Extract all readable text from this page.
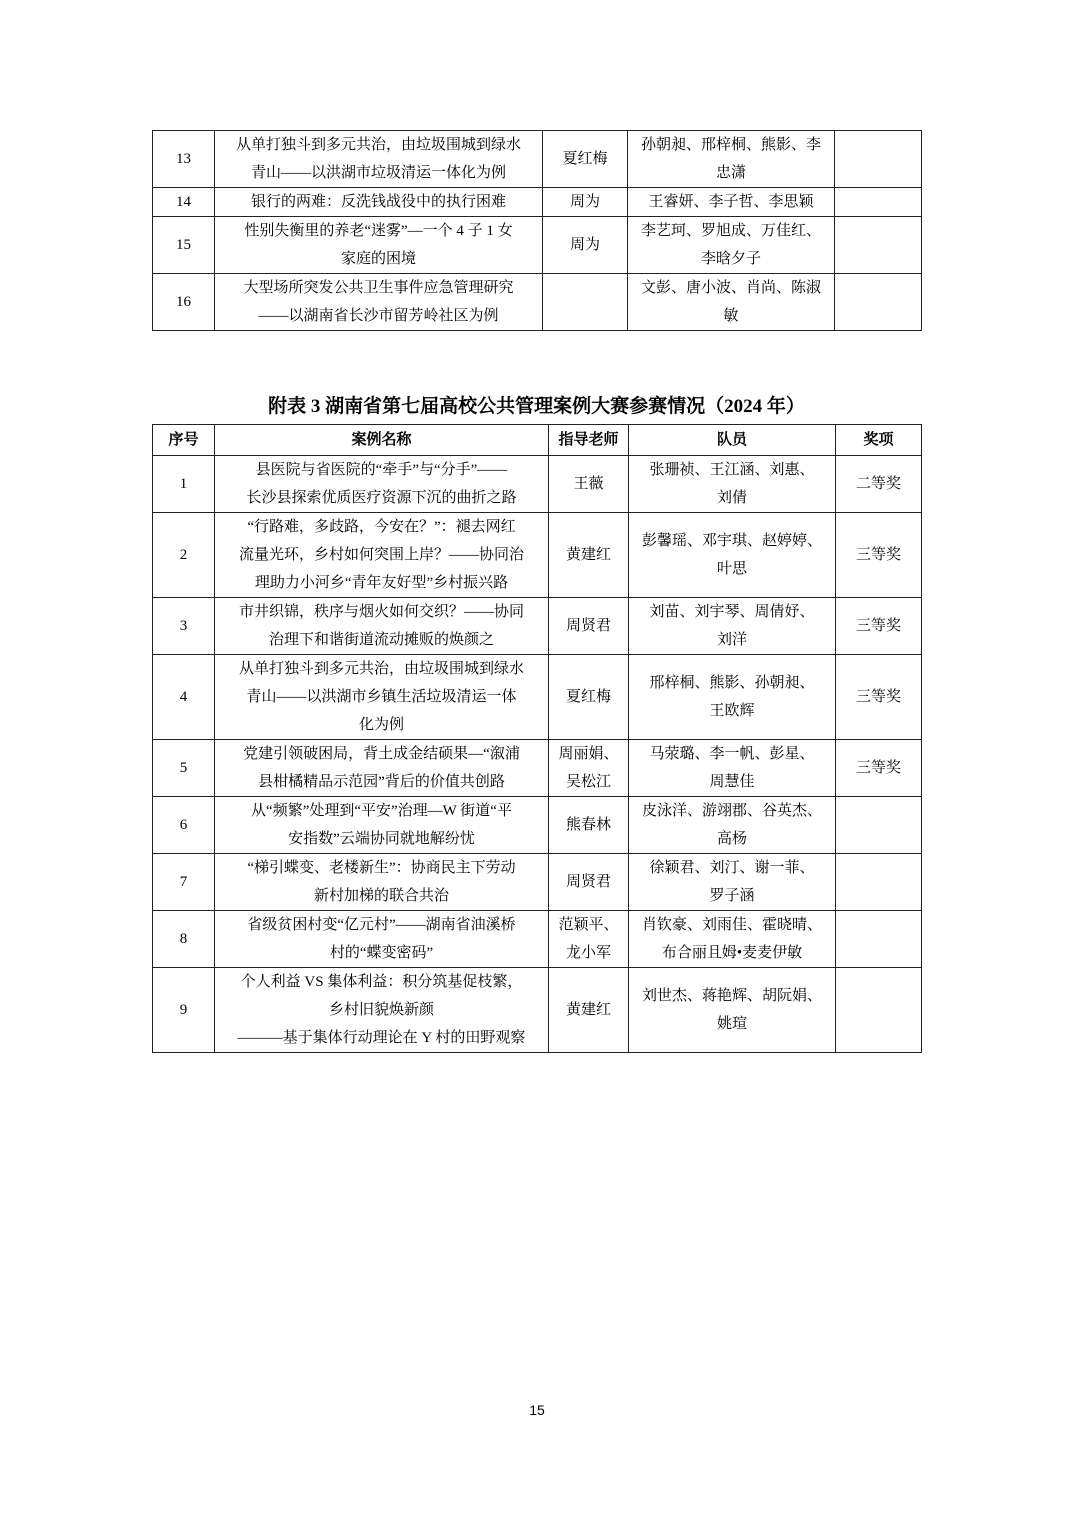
13	从单打独斗到多元共治，由垃圾围城到绿水
青山——以洪湖市垃圾清运一体化为例	夏红梅	孙朝昶、邢梓桐、熊影、李
忠潇	

14	银行的两难：反洗钱战役中的执行困难	周为	王睿妍、李子哲、李思颖	

15	性别失衡里的养老“迷雾”—一个 4 子 1 女
家庭的困境	周为	李艺珂、罗旭成、万佳红、
李晗夕子	

16	大型场所突发公共卫生事件应急管理研究
——以湖南省长沙市留芳岭社区为例		文彭、唐小波、肖尚、陈淑
敏	

附表 3 湖南省第七届高校公共管理案例大赛参赛情况（2024 年）
序号	案例名称	指导老师	队员	奖项
1	县医院与省医院的“牵手”与“分手”——
长沙县探索优质医疗资源下沉的曲折之路	王薇	张珊祯、王江涵、刘惠、
刘倩	二等奖

2	“行路难，多歧路，今安在？”：褪去网红
流量光环，乡村如何突围上岸？——协同治
理助力小河乡“青年友好型”乡村振兴路	黄建红	彭馨瑶、邓宇琪、赵婷婷、
叶思	三等奖

3	市井织锦，秩序与烟火如何交织？——协同
治理下和谐街道流动摊贩的焕颜之	周贤君	刘苗、刘宇琴、周倩妤、
刘洋	三等奖

4	从单打独斗到多元共治，由垃圾围城到绿水
青山——以洪湖市乡镇生活垃圾清运一体
化为例	夏红梅	邢梓桐、熊影、孙朝昶、
王欧辉	三等奖

5	党建引领破困局，背土成金结硕果—“溆浦
县柑橘精品示范园”背后的价值共创路	周丽娟、
吴松江	马荥璐、李一帆、彭星、
周慧佳	三等奖

6	从“频繁”处理到“平安”治理—W 街道“平
安指数”云端协同就地解纷忧	熊春林	皮泳洋、游翊郡、谷英杰、
高杨	

7	“梯引蝶变、老楼新生”：协商民主下劳动
新村加梯的联合共治	周贤君	徐颖君、刘汀、谢一菲、
罗子涵	

8	省级贫困村变“亿元村”——湖南省油溪桥
村的“蝶变密码”	范颖平、
龙小军	肖钦豪、刘雨佳、霍晓晴、
布合丽且姆•麦麦伊敏	

9	个人利益 VS 集体利益：积分筑基促枝繁，
乡村旧貌焕新颜
———基于集体行动理论在 Y 村的田野观察	黄建红	刘世杰、蒋艳辉、胡阮娟、
姚瑄	

15
